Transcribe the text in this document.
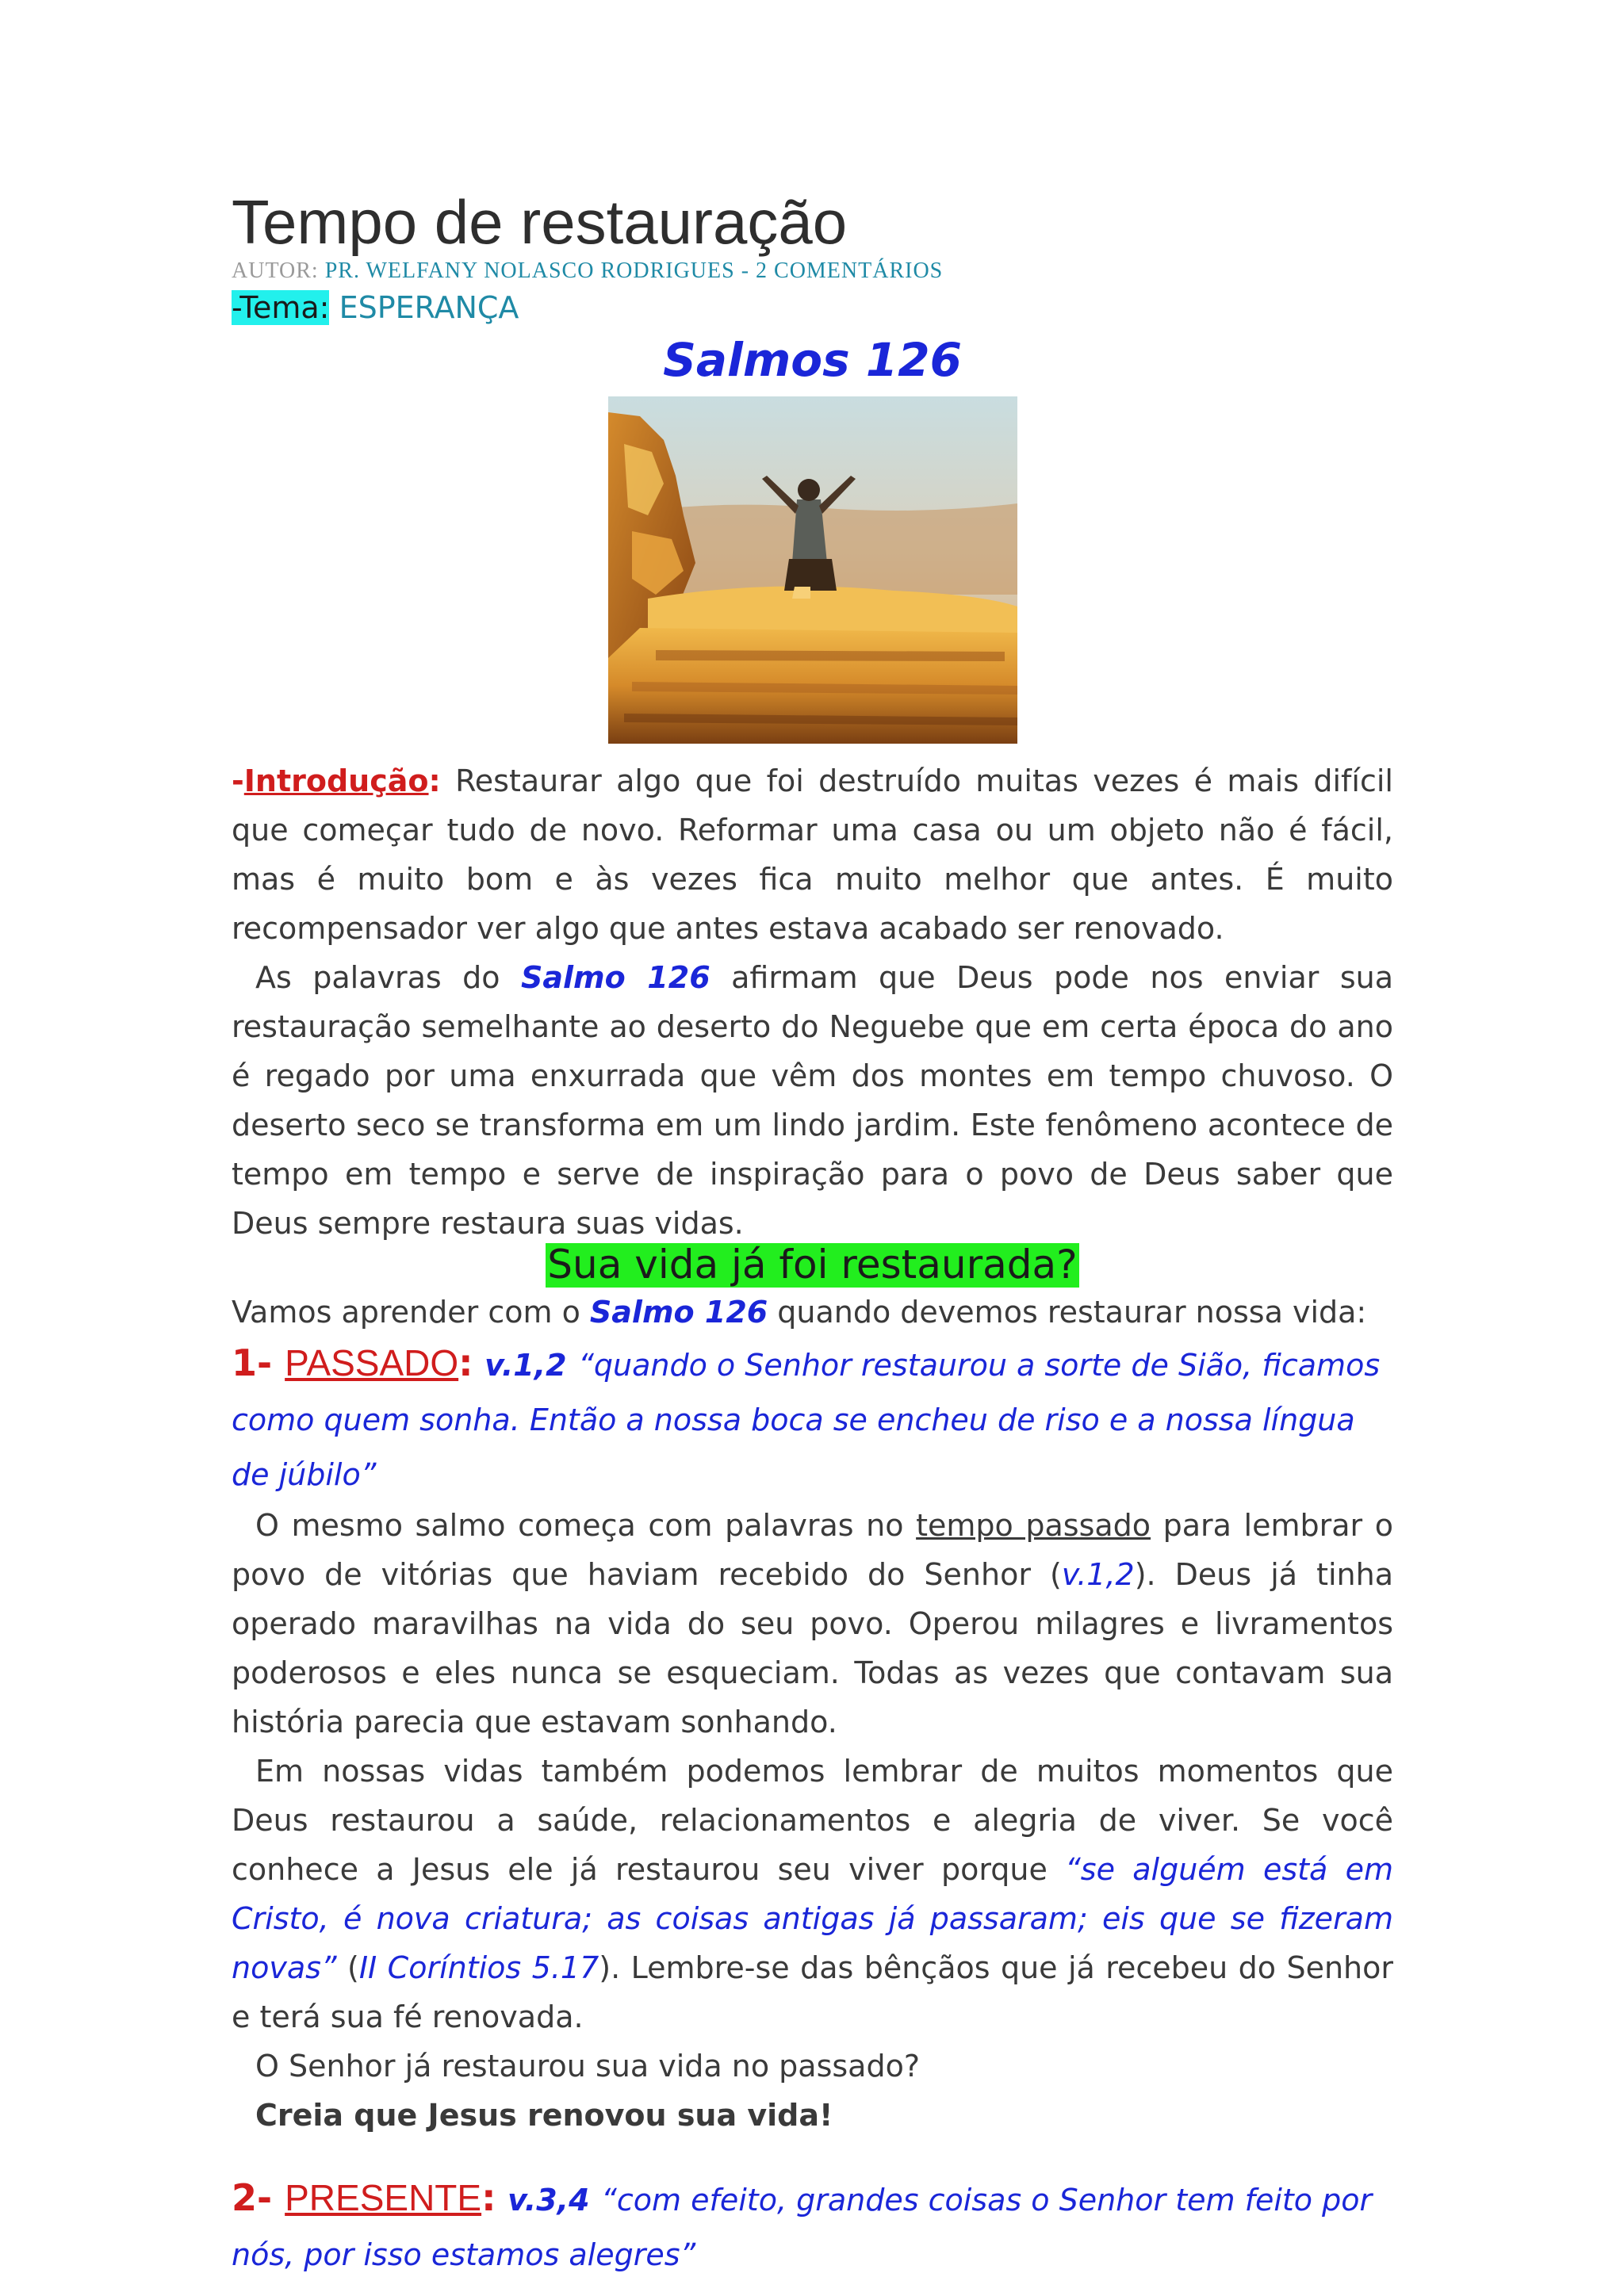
Tempo de restauração
AUTOR: PR. WELFANY NOLASCO RODRIGUES - 2 COMENTÁRIOS
-Tema: ESPERANÇA
Salmos 126

-Introdução: Restaurar algo que foi destruído muitas vezes é mais difícil que começar tudo de novo. Reformar uma casa ou um objeto não é fácil, mas é muito bom e às vezes fica muito melhor que antes. É muito recompensador ver algo que antes estava acabado ser renovado.

As palavras do Salmo 126 afirmam que Deus pode nos enviar sua restauração semelhante ao deserto do Neguebe que em certa época do ano é regado por uma enxurrada que vêm dos montes em tempo chuvoso. O deserto seco se transforma em um lindo jardim. Este fenômeno acontece de tempo em tempo e serve de inspiração para o povo de Deus saber que Deus sempre restaura suas vidas.

Sua vida já foi restaurada?

Vamos aprender com o Salmo 126 quando devemos restaurar nossa vida:

1- PASSADO: v.1,2 “quando o Senhor restaurou a sorte de Sião, ficamos como quem sonha. Então a nossa boca se encheu de riso e a nossa língua de júbilo”

O mesmo salmo começa com palavras no tempo passado para lembrar o povo de vitórias que haviam recebido do Senhor (v.1,2). Deus já tinha operado maravilhas na vida do seu povo. Operou milagres e livramentos poderosos e eles nunca se esqueciam. Todas as vezes que contavam sua história parecia que estavam sonhando.

Em nossas vidas também podemos lembrar de muitos momentos que Deus restaurou a saúde, relacionamentos e alegria de viver. Se você conhece a Jesus ele já restaurou seu viver porque “se alguém está em Cristo, é nova criatura; as coisas antigas já passaram; eis que se fizeram novas” (II Coríntios 5.17). Lembre-se das bênçãos que já recebeu do Senhor e terá sua fé renovada.

O Senhor já restaurou sua vida no passado?

Creia que Jesus renovou sua vida!

2- PRESENTE: v.3,4 “com efeito, grandes coisas o Senhor tem feito por nós, por isso estamos alegres”
